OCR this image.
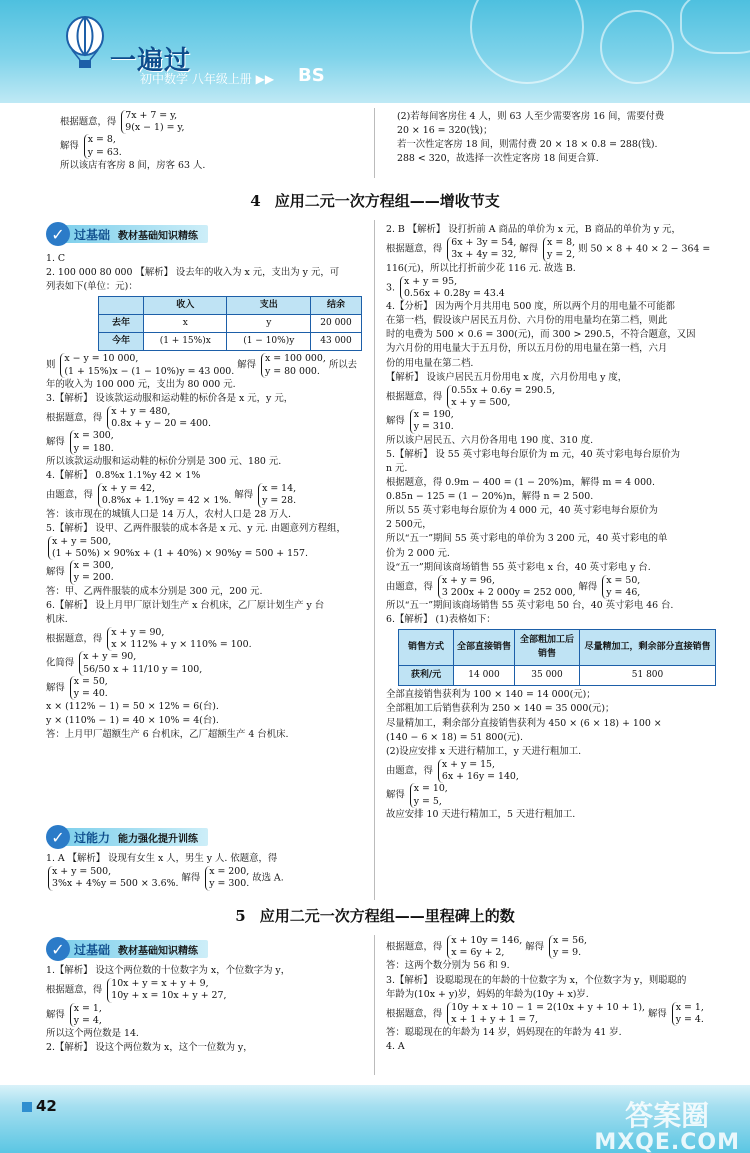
一遍过
初中数学 八年级上册 ▶▶ BS

根据题意，得
7x + 7 = y,
9(x − 1) = y,

解得
x = 8,
y = 63.

所以该店有客房 8 间，房客 63 人.

(2)若每间客房住 4 人，则 63 人至少需要客房 16 间，需要付费

20 × 16 = 320(钱)；

若一次性定客房 18 间，则需付费 20 × 18 × 0.8 = 288(钱).

288 < 320，故选择一次性定客房 18 间更合算.

4 应用二元一次方程组——增收节支
✓ 过基础 教材基础知识精练

1. C

2. 100 000 80 000 【解析】 设去年的收入为 x 元，支出为 y 元，可

列表如下(单位：元)：

	收入	支出	结余
去年	x	y	20 000
今年	(1 + 15%)x	(1 − 10%)y	43 000

则
x − y = 10 000,
(1 + 15%)x − (1 − 10%)y = 43 000. 解得
x = 100 000,
y = 80 000. 所以去

年的收入为 100 000 元，支出为 80 000 元.

3.【解析】 设该款运动服和运动鞋的标价各是 x 元，y 元，

根据题意，得
x + y = 480,
0.8x + y − 20 = 400.

解得
x = 300,
y = 180.

所以该款运动服和运动鞋的标价分别是 300 元、180 元.

4.【解析】 0.8%x 1.1%y 42 × 1%

由题意，得
x + y = 42,
0.8%x + 1.1%y = 42 × 1%. 解得
x = 14,
y = 28.

答：该市现在的城镇人口是 14 万人，农村人口是 28 万人.

5.【解析】 设甲、乙两件服装的成本各是 x 元、y 元. 由题意列方程组，

x + y = 500,
(1 + 50%) × 90%x + (1 + 40%) × 90%y = 500 + 157.

解得
x = 300,
y = 200.

答：甲、乙两件服装的成本分别是 300 元，200 元.

6.【解析】 设上月甲厂原计划生产 x 台机床，乙厂原计划生产 y 台

机床.

根据题意，得
x + y = 90,
x × 112% + y × 110% = 100.

化简得
x + y = 90,
56/50 x + 11/10 y = 100,

解得
x = 50,
y = 40.

x × (112% − 1) = 50 × 12% = 6(台).

y × (110% − 1) = 40 × 10% = 4(台).

答：上月甲厂超额生产 6 台机床，乙厂超额生产 4 台机床.

✓ 过能力 能力强化提升训练

1. A 【解析】 设现有女生 x 人，男生 y 人. 依题意，得

x + y = 500,
3%x + 4%y = 500 × 3.6%. 解得
x = 200,
y = 300. 故选 A.

2. B 【解析】 设打折前 A 商品的单价为 x 元，B 商品的单价为 y 元，

根据题意，得
6x + 3y = 54,
3x + 4y = 32, 解得
x = 8,
y = 2, 则 50 × 8 + 40 × 2 − 364 =

116(元)，所以比打折前少花 116 元. 故选 B.

3.
x + y = 95,
0.56x + 0.28y = 43.4

4.【分析】 因为两个月共用电 500 度，所以两个月的用电量不可能都

在第一档，假设该户居民五月份、六月份的用电量均在第二档，则此

时的电费为 500 × 0.6 = 300(元)，而 300 > 290.5，不符合题意，又因

为六月份的用电量大于五月份，所以五月份的用电量在第一档，六月

份的用电量在第二档.

【解析】 设该户居民五月份用电 x 度，六月份用电 y 度，

根据题意，得
0.55x + 0.6y = 290.5,
x + y = 500,

解得
x = 190,
y = 310.

所以该户居民五、六月份各用电 190 度、310 度.

5.【解析】 设 55 英寸彩电每台原价为 m 元，40 英寸彩电每台原价为

n 元.

根据题意，得 0.9m − 400 = (1 − 20%)m，解得 m = 4 000.

0.85n − 125 = (1 − 20%)n，解得 n = 2 500.

所以 55 英寸彩电每台原价为 4 000 元，40 英寸彩电每台原价为

2 500元，

所以“五一”期间 55 英寸彩电的单价为 3 200 元，40 英寸彩电的单

价为 2 000 元.

设“五一”期间该商场销售 55 英寸彩电 x 台，40 英寸彩电 y 台.

由题意，得
x + y = 96,
3 200x + 2 000y = 252 000, 解得
x = 50,
y = 46,

所以“五一”期间该商场销售 55 英寸彩电 50 台，40 英寸彩电 46 台.

6.【解析】 (1)表格如下：

销售方式	全部直接销售	全部粗加工后销售	尽量精加工，剩余部分直接销售
获利/元	14 000	35 000	51 800

全部直接销售获利为 100 × 140 = 14 000(元)；

全部粗加工后销售获利为 250 × 140 = 35 000(元)；

尽量精加工，剩余部分直接销售获利为 450 × (6 × 18) + 100 ×

(140 − 6 × 18) = 51 800(元).

(2)设应安排 x 天进行精加工，y 天进行粗加工.

由题意，得
x + y = 15,
6x + 16y = 140,

解得
x = 10,
y = 5,

故应安排 10 天进行精加工，5 天进行粗加工.

5 应用二元一次方程组——里程碑上的数
✓ 过基础 教材基础知识精练

1.【解析】 设这个两位数的十位数字为 x，个位数字为 y，

根据题意，得
10x + y = x + y + 9,
10y + x = 10x + y + 27,

解得
x = 1,
y = 4,

所以这个两位数是 14.

2.【解析】 设这个两位数为 x，这个一位数为 y，

根据题意，得
x + 10y = 146,
x = 6y + 2,	解得
x = 56,
y = 9.

答：这两个数分别为 56 和 9.

3.【解析】 设聪聪现在的年龄的十位数字为 x，个位数字为 y，则聪聪的

年龄为(10x + y)岁，妈妈的年龄为(10y + x)岁.

根据题意，得
10y + x + 10 − 1 = 2(10x + y + 10 + 1),
x + 1 + y + 1 = 7,	解得
x = 1,
y = 4.

答：聪聪现在的年龄为 14 岁，妈妈现在的年龄为 41 岁.

4. A

42	答案圈
MXQE.COM
